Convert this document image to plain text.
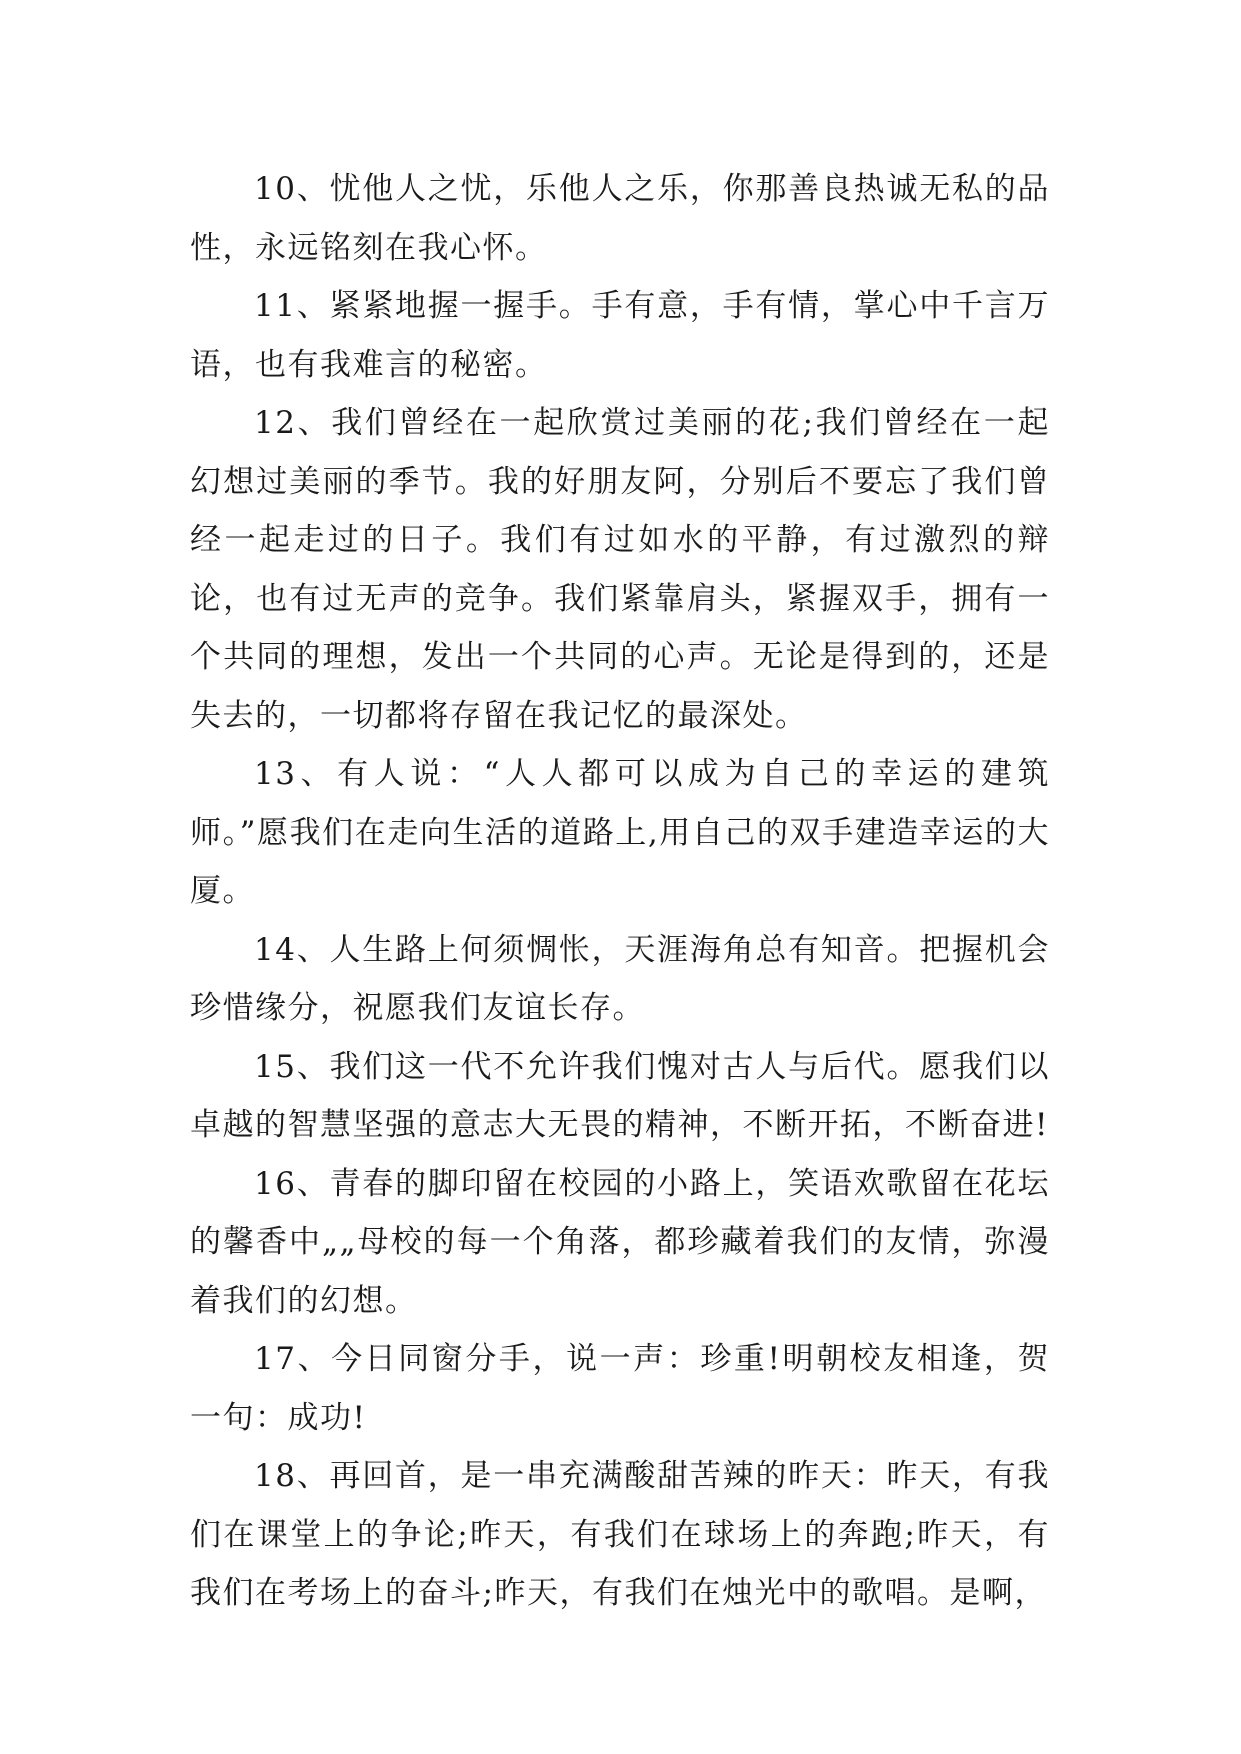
10、忧他人之忧，乐他人之乐，你那善良热诚无私的品性，永远铭刻在我心怀。

11、紧紧地握一握手。手有意，手有情，掌心中千言万语，也有我难言的秘密。

12、我们曾经在一起欣赏过美丽的花;我们曾经在一起幻想过美丽的季节。我的好朋友阿，分别后不要忘了我们曾经一起走过的日子。我们有过如水的平静，有过激烈的辩论，也有过无声的竞争。我们紧靠肩头，紧握双手，拥有一个共同的理想，发出一个共同的心声。无论是得到的，还是失去的，一切都将存留在我记忆的最深处。

13、有人说：“人人都可以成为自己的幸运的建筑师。”愿我们在走向生活的道路上,用自己的双手建造幸运的大厦。

14、人生路上何须惆怅，天涯海角总有知音。把握机会珍惜缘分，祝愿我们友谊长存。

15、我们这一代不允许我们愧对古人与后代。愿我们以卓越的智慧坚强的意志大无畏的精神，不断开拓，不断奋进!

16、青春的脚印留在校园的小路上，笑语欢歌留在花坛的馨香中„„母校的每一个角落，都珍藏着我们的友情，弥漫着我们的幻想。

17、今日同窗分手，说一声：珍重!明朝校友相逢，贺一句：成功!

18、再回首，是一串充满酸甜苦辣的昨天：昨天，有我们在课堂上的争论;昨天，有我们在球场上的奔跑;昨天，有我们在考场上的奋斗;昨天，有我们在烛光中的歌唱。是啊，
